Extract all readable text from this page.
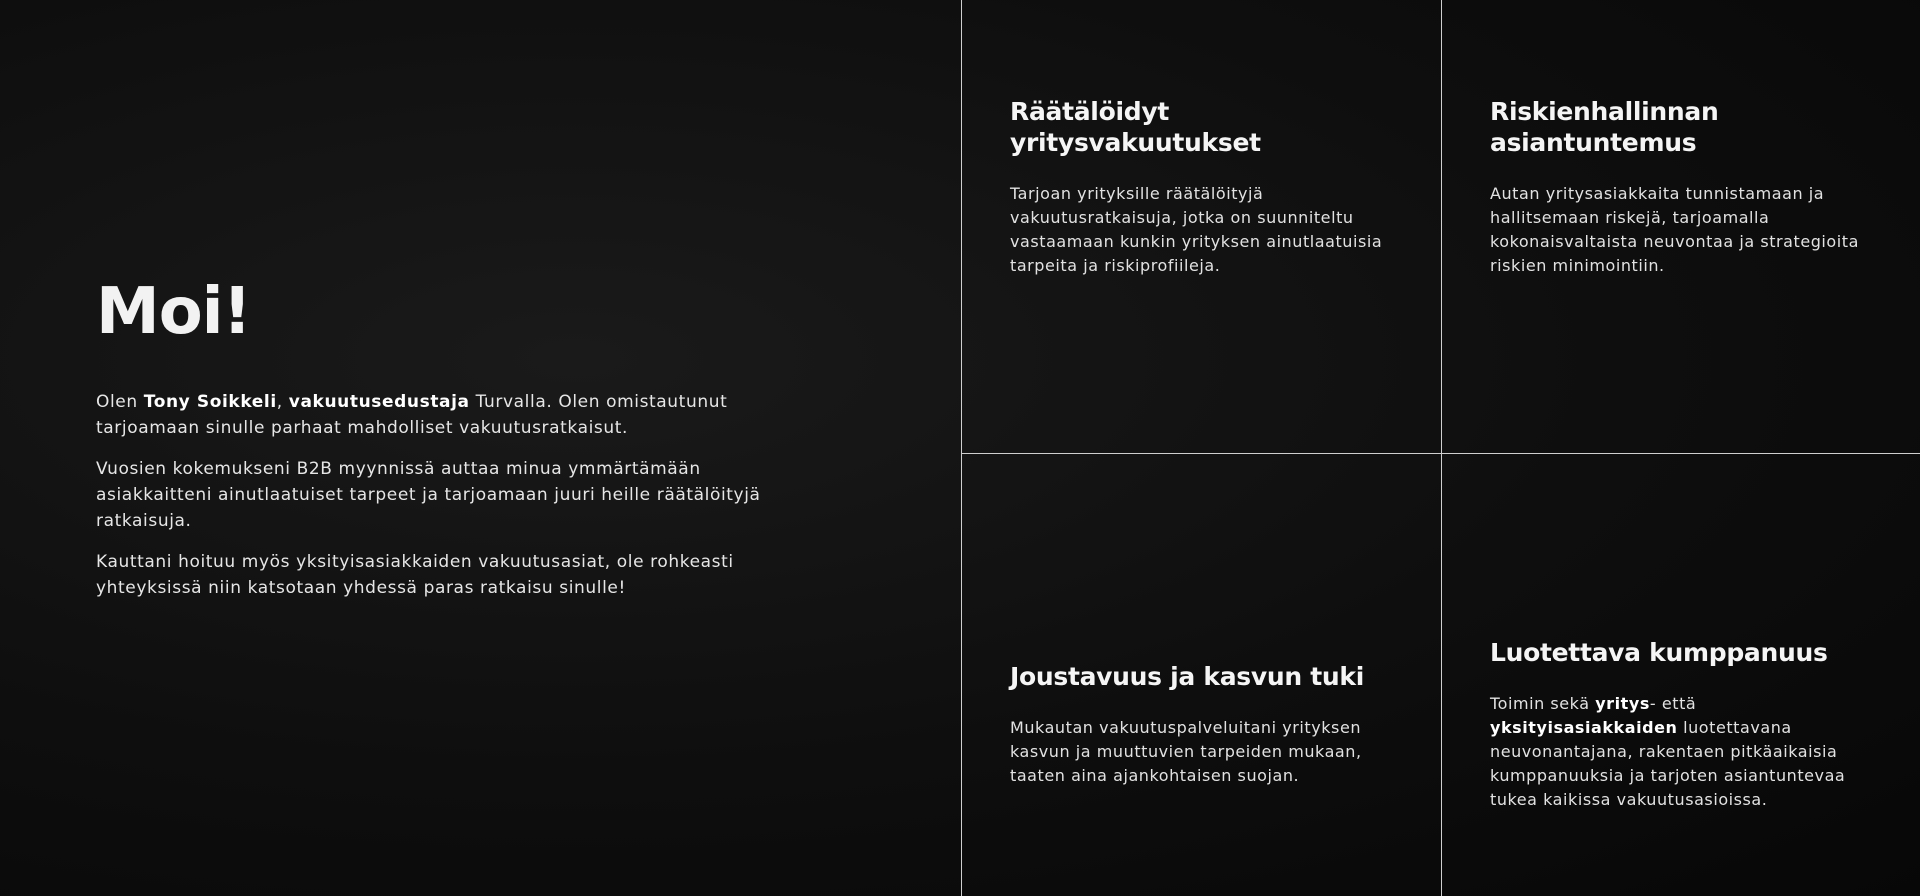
Moi!

Olen Tony Soikkeli, vakuutusedustaja Turvalla. Olen omistautunut tarjoamaan sinulle parhaat mahdolliset vakuutusratkaisut.

Vuosien kokemukseni B2B myynnissä auttaa minua ymmärtämään asiakkaitteni ainutlaatuiset tarpeet ja tarjoamaan juuri heille räätälöityjä ratkaisuja.

Kauttani hoituu myös yksityisasiakkaiden vakuutusasiat, ole rohkeasti yhteyksissä niin katsotaan yhdessä paras ratkaisu sinulle!

Räätälöidyt yritysvakuutukset

Tarjoan yrityksille räätälöityjä vakuutusratkaisuja, jotka on suunniteltu vastaamaan kunkin yrityksen ainutlaatuisia tarpeita ja riskiprofiileja.

Riskienhallinnan asiantuntemus

Autan yritysasiakkaita tunnistamaan ja hallitsemaan riskejä, tarjoamalla kokonaisvaltaista neuvontaa ja strategioita riskien minimointiin.

Joustavuus ja kasvun tuki

Mukautan vakuutuspalveluitani yrityksen kasvun ja muuttuvien tarpeiden mukaan, taaten aina ajankohtaisen suojan.

Luotettava kumppanuus

Toimin sekä yritys- että yksityisasiakkaiden luotettavana neuvonantajana, rakentaen pitkäaikaisia kumppanuuksia ja tarjoten asiantuntevaa tukea kaikissa vakuutusasioissa.
